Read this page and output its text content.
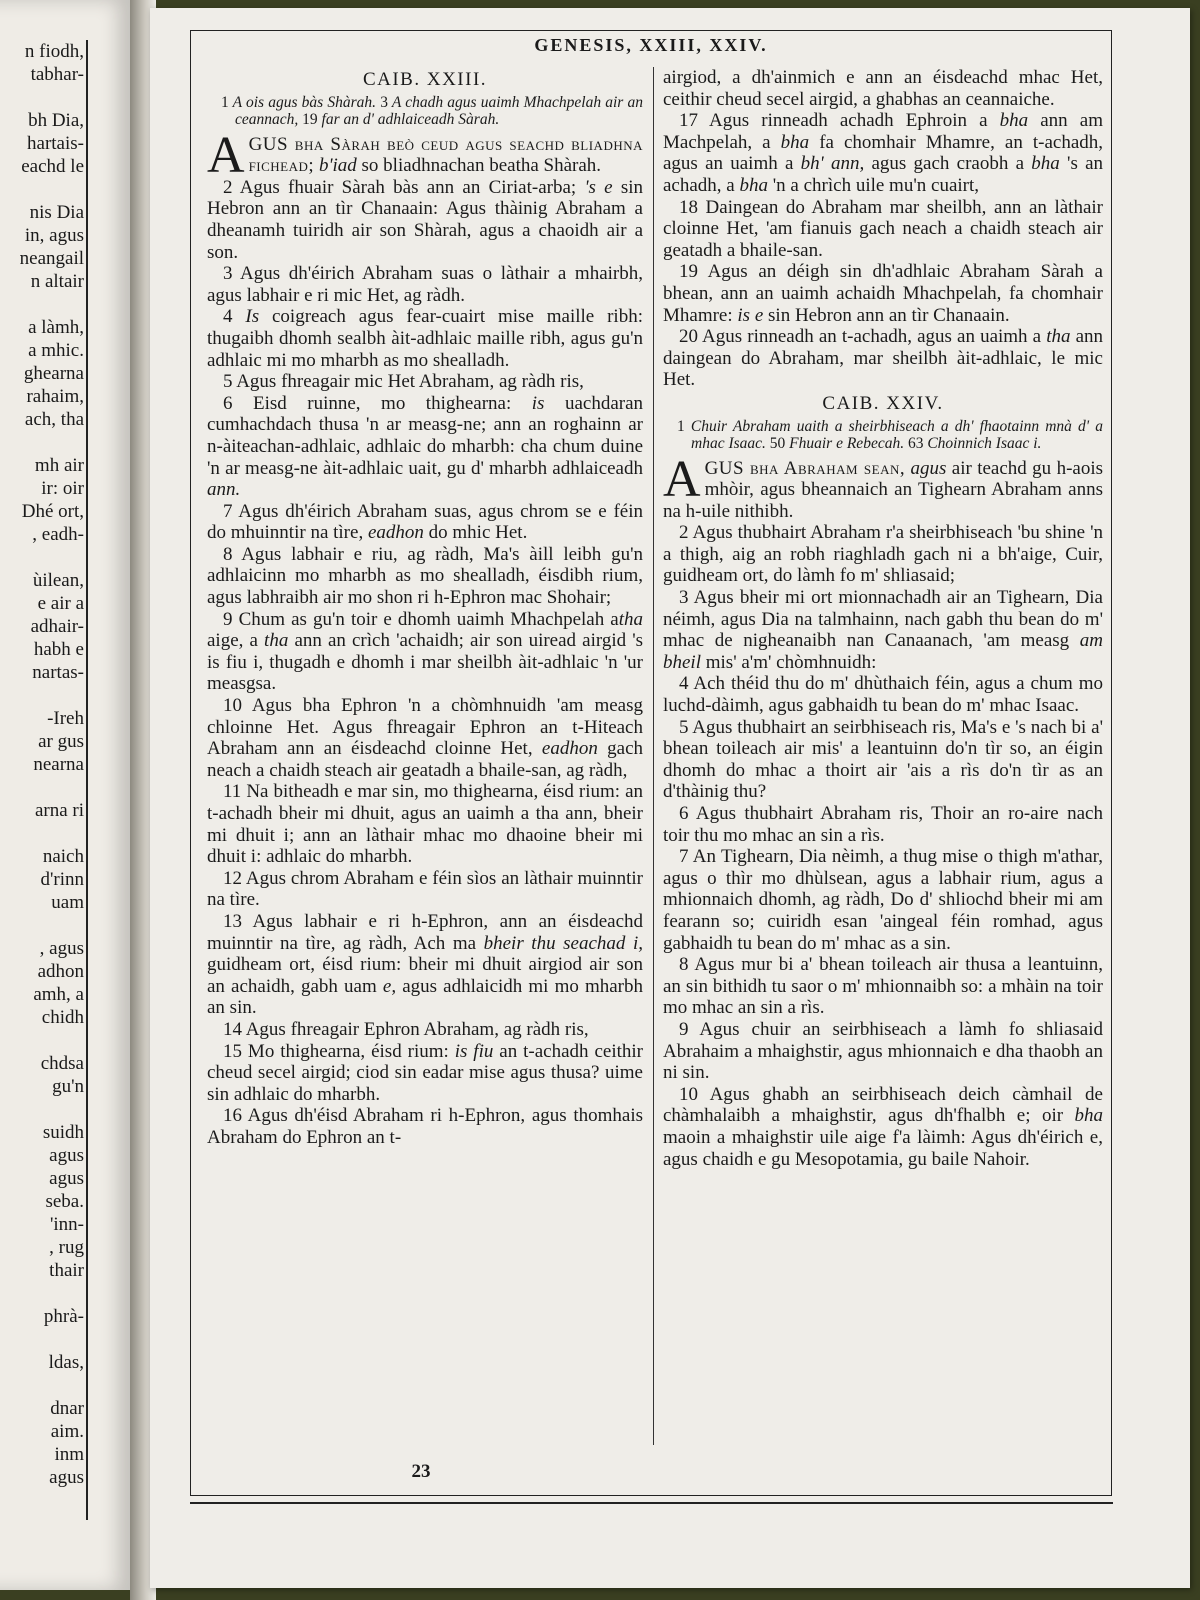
n fiodh,
tabhar-
bh Dia,
hartais-
eachd le
nis Dia
in, agus
neangail
n altair
a làmh,
a mhic.
ghearna
rahaim,
ach, tha
mh air
ir: oir
Dhé ort,
, eadh-
ùilean,
e air a
adhair-
habh e
nartas-
-Ireh
ar gus
nearna
arna ri
naich
d'rinn
uam
, agus
adhon
amh, a
chidh
chdsa
gu'n
suidh
agus
agus
seba.
'inn-
, rug
thair
phrà-
ldas,
dnar
aim.
inm
agus
GENESIS, XXIII, XXIV.
CAIB. XXIII.

1 A ois agus bàs Shàrah. 3 A chadh agus uaimh Mhachpelah air an ceannach, 19 far an d' adhlaiceadh Sàrah.

AGUS bha Sàrah beò ceud agus seachd bliadhna fichead; b'iad so bliadhnachan beatha Shàrah.

2 Agus fhuair Sàrah bàs ann an Ciriat-arba; 's e sin Hebron ann an tìr Chanaain: Agus thàinig Abraham a dheanamh tuiridh air son Shàrah, agus a chaoidh air a son.

3 Agus dh'éirich Abraham suas o làthair a mhairbh, agus labhair e ri mic Het, ag ràdh.

4 Is coigreach agus fear-cuairt mise maille ribh: thugaibh dhomh sealbh àit-adhlaic maille ribh, agus gu'n adhlaic mi mo mharbh as mo shealladh.

5 Agus fhreagair mic Het Abraham, ag ràdh ris,

6 Eisd ruinne, mo thighearna: is uachdaran cumhachdach thusa 'n ar measg-ne; ann an roghainn ar n-àiteachan-adhlaic, adhlaic do mharbh: cha chum duine 'n ar measg-ne àit-adhlaic uait, gu d' mharbh adhlaiceadh ann.

7 Agus dh'éirich Abraham suas, agus chrom se e féin do mhuinntir na tìre, eadhon do mhic Het.

8 Agus labhair e riu, ag ràdh, Ma's àill leibh gu'n adhlaicinn mo mharbh as mo shealladh, éisdibh rium, agus labhraibh air mo shon ri h-Ephron mac Shohair;

9 Chum as gu'n toir e dhomh uaimh Mhachpelah atha aige, a tha ann an crìch 'achaidh; air son uiread airgid 's is fiu i, thugadh e dhomh i mar sheilbh àit-adhlaic 'n 'ur measgsa.

10 Agus bha Ephron 'n a chòmhnuidh 'am measg chloinne Het. Agus fhreagair Ephron an t-Hiteach Abraham ann an éisdeachd cloinne Het, eadhon gach neach a chaidh steach air geatadh a bhaile-san, ag ràdh,

11 Na bitheadh e mar sin, mo thighearna, éisd rium: an t-achadh bheir mi dhuit, agus an uaimh a tha ann, bheir mi dhuit i; ann an làthair mhac mo dhaoine bheir mi dhuit i: adhlaic do mharbh.

12 Agus chrom Abraham e féin sìos an làthair muinntir na tìre.

13 Agus labhair e ri h-Ephron, ann an éisdeachd muinntir na tìre, ag ràdh, Ach ma bheir thu seachad i, guidheam ort, éisd rium: bheir mi dhuit airgiod air son an achaidh, gabh uam e, agus adhlaicidh mi mo mharbh an sin.

14 Agus fhreagair Ephron Abraham, ag ràdh ris,

15 Mo thighearna, éisd rium: is fiu an t-achadh ceithir cheud secel airgid; ciod sin eadar mise agus thusa? uime sin adhlaic do mharbh.

16 Agus dh'éisd Abraham ri h-Ephron, agus thomhais Abraham do Ephron an t-

airgiod, a dh'ainmich e ann an éisdeachd mhac Het, ceithir cheud secel airgid, a ghabhas an ceannaiche.

17 Agus rinneadh achadh Ephroin a bha ann am Machpelah, a bha fa chomhair Mhamre, an t-achadh, agus an uaimh a bh' ann, agus gach craobh a bha 's an achadh, a bha 'n a chrìch uile mu'n cuairt,

18 Daingean do Abraham mar sheilbh, ann an làthair cloinne Het, 'am fianuis gach neach a chaidh steach air geatadh a bhaile-san.

19 Agus an déigh sin dh'adhlaic Abraham Sàrah a bhean, ann an uaimh achaidh Mhachpelah, fa chomhair Mhamre: is e sin Hebron ann an tìr Chanaain.

20 Agus rinneadh an t-achadh, agus an uaimh a tha ann daingean do Abraham, mar sheilbh àit-adhlaic, le mic Het.

CAIB. XXIV.

1 Chuir Abraham uaith a sheirbhiseach a dh' fhaotainn mnà d' a mhac Isaac. 50 Fhuair e Rebecah. 63 Choinnich Isaac i.

AGUS bha Abraham sean, agus air teachd gu h-aois mhòir, agus bheannaich an Tighearn Abraham anns na h-uile nithibh.

2 Agus thubhairt Abraham r'a sheirbhiseach 'bu shine 'n a thigh, aig an robh riaghladh gach ni a bh'aige, Cuir, guidheam ort, do làmh fo m' shliasaid;

3 Agus bheir mi ort mionnachadh air an Tighearn, Dia néimh, agus Dia na talmhainn, nach gabh thu bean do m' mhac de nigheanaibh nan Canaanach, 'am measg am bheil mis' a'm' chòmhnuidh:

4 Ach théid thu do m' dhùthaich féin, agus a chum mo luchd-dàimh, agus gabhaidh tu bean do m' mhac Isaac.

5 Agus thubhairt an seirbhiseach ris, Ma's e 's nach bi a' bhean toileach air mis' a leantuinn do'n tìr so, an éigin dhomh do mhac a thoirt air 'ais a rìs do'n tìr as an d'thàinig thu?

6 Agus thubhairt Abraham ris, Thoir an ro-aire nach toir thu mo mhac an sin a rìs.

7 An Tighearn, Dia nèimh, a thug mise o thigh m'athar, agus o thìr mo dhùlsean, agus a labhair rium, agus a mhionnaich dhomh, ag ràdh, Do d' shliochd bheir mi am fearann so; cuiridh esan 'aingeal féin romhad, agus gabhaidh tu bean do m' mhac as a sin.

8 Agus mur bi a' bhean toileach air thusa a leantuinn, an sin bithidh tu saor o m' mhionnaibh so: a mhàin na toir mo mhac an sin a rìs.

9 Agus chuir an seirbhiseach a làmh fo shliasaid Abrahaim a mhaighstir, agus mhionnaich e dha thaobh an ni sin.

10 Agus ghabh an seirbhiseach deich càmhail de chàmhalaibh a mhaighstir, agus dh'fhalbh e; oir bha maoin a mhaighstir uile aige f'a làimh: Agus dh'éirich e, agus chaidh e gu Mesopotamia, gu baile Nahoir.

23
